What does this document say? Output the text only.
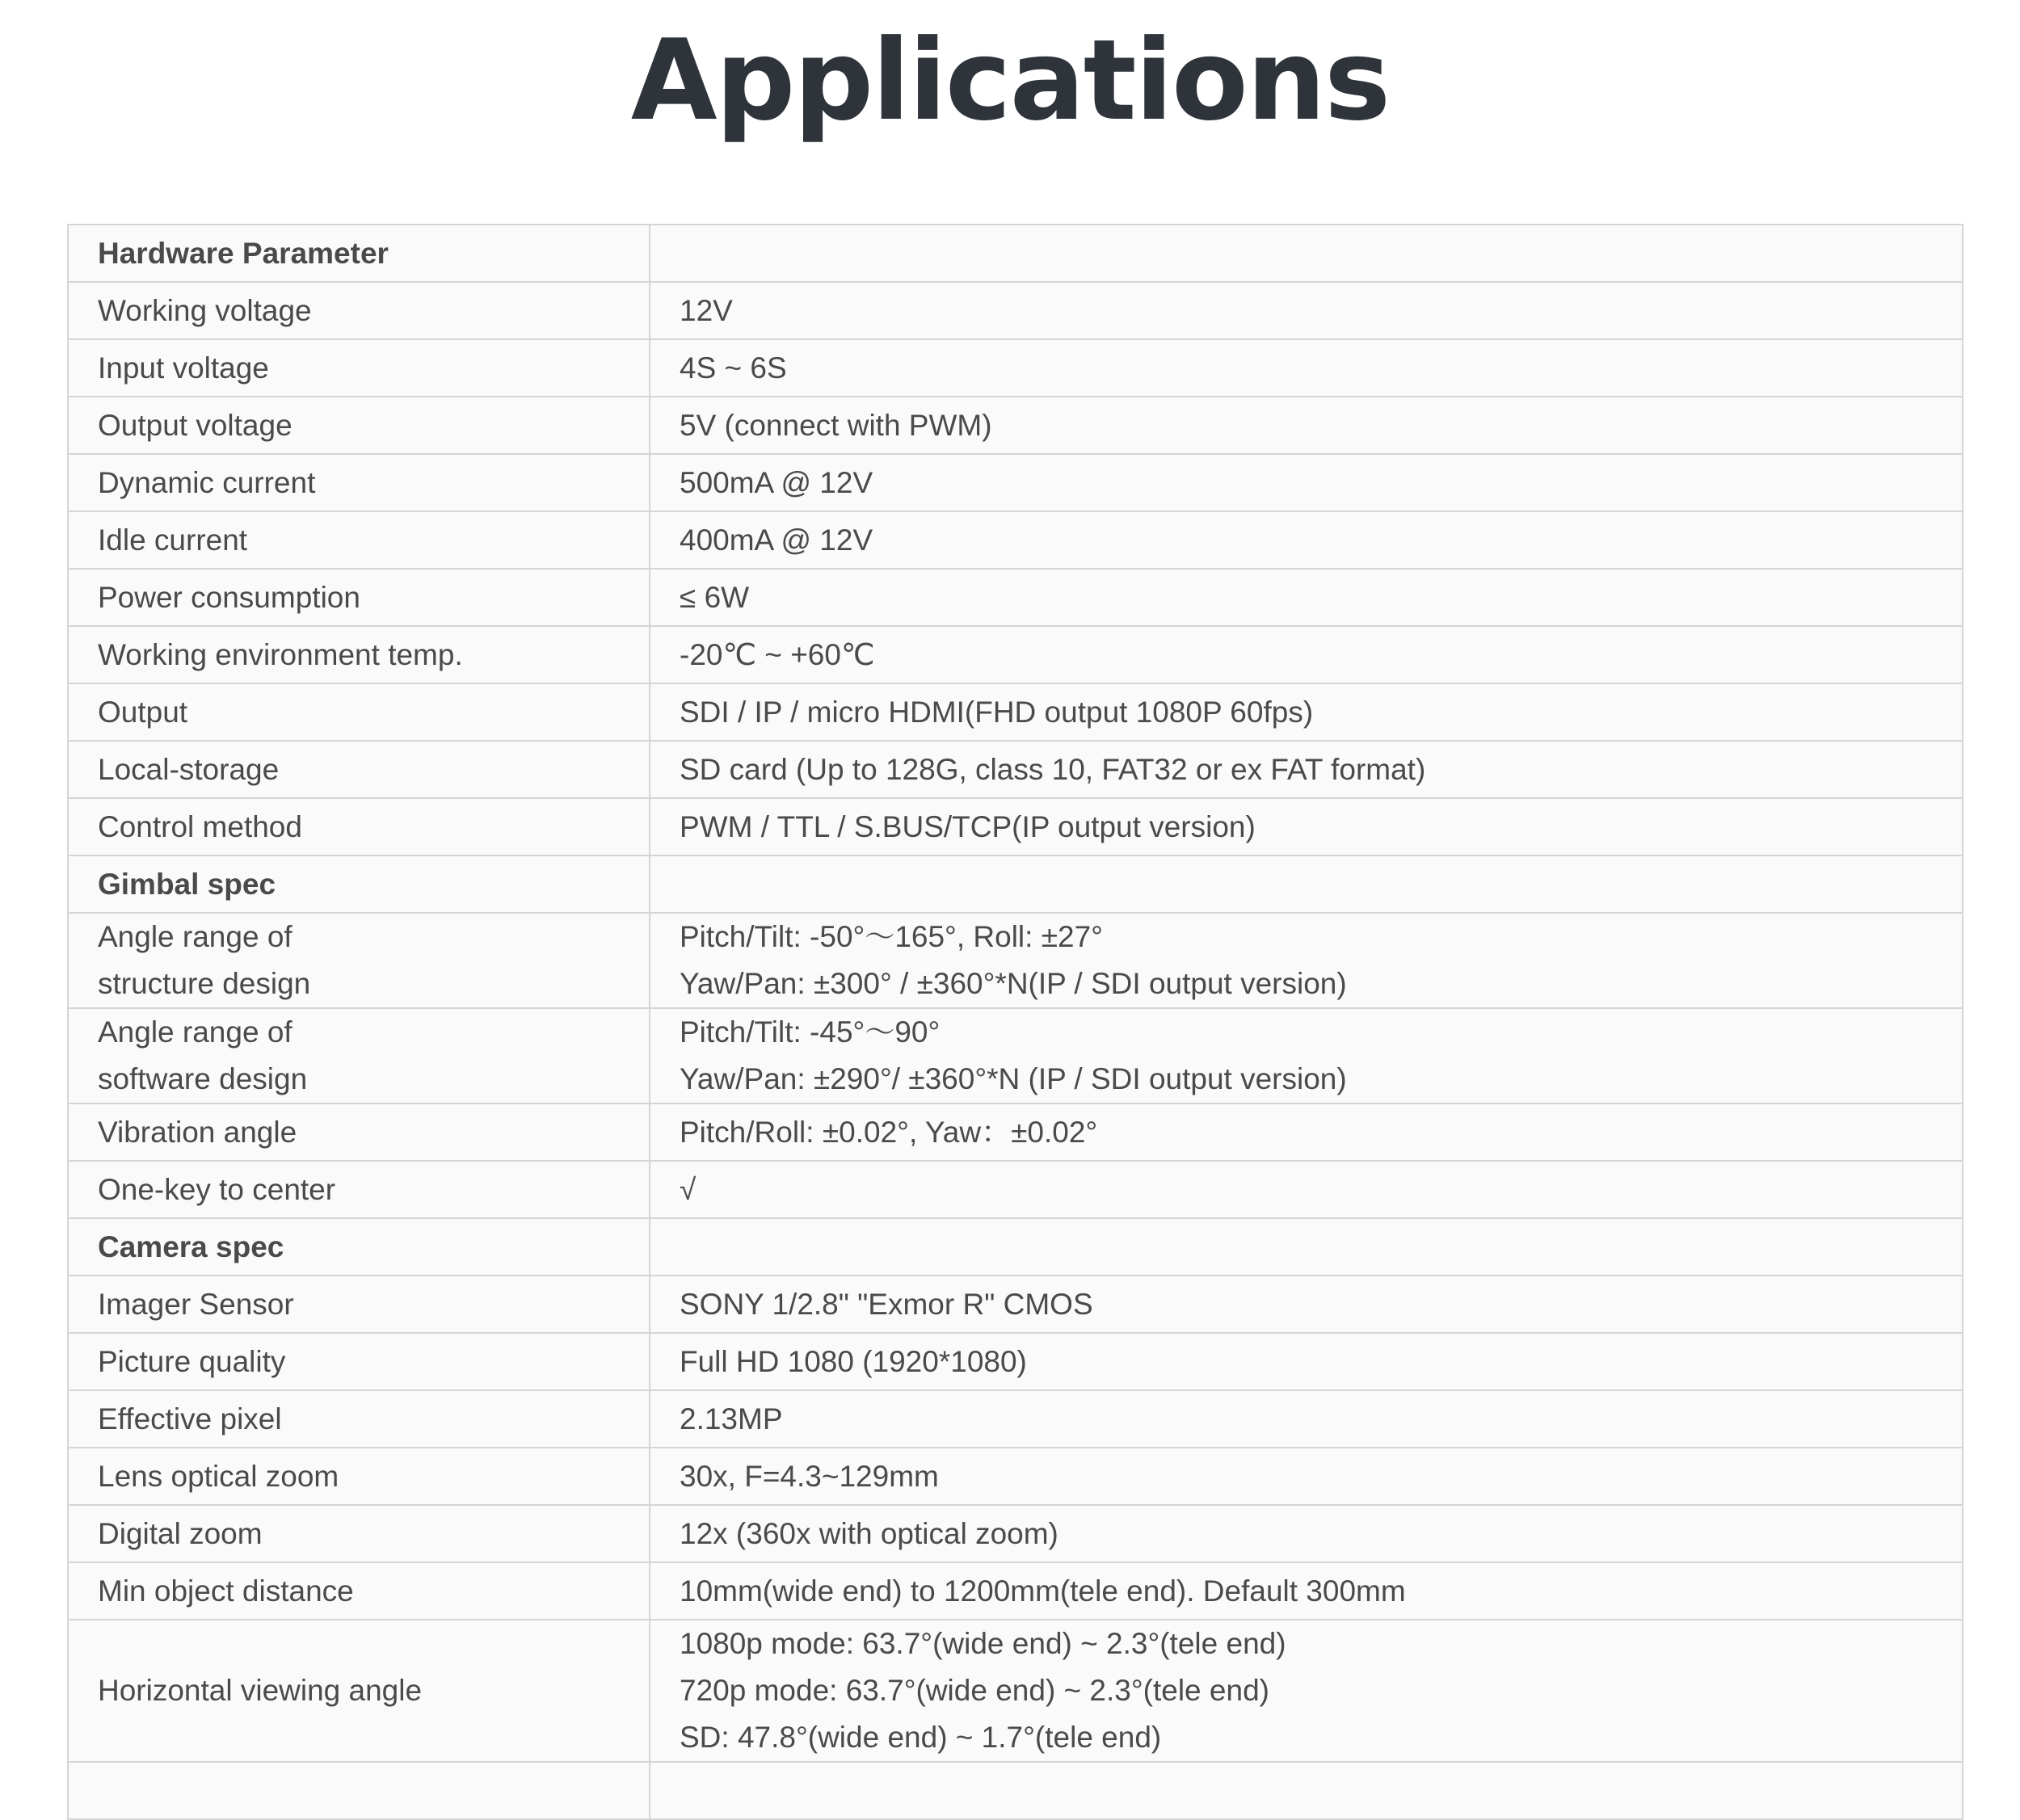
Applications
Hardware Parameter	

Working voltage	12V

Input voltage	4S ~ 6S

Output voltage	5V (connect with PWM)

Dynamic current	500mA @ 12V

Idle current	400mA @ 12V

Power consumption	≤ 6W

Working environment temp.	-20℃ ~ +60℃

Output	SDI / IP / micro HDMI(FHD output 1080P 60fps)

Local-storage	SD card (Up to 128G, class 10, FAT32 or ex FAT format)

Control method	PWM / TTL / S.BUS/TCP(IP output version)

Gimbal spec	

Angle range of
structure design	Pitch/Tilt: -50°～165°, Roll: ±27°
Yaw/Pan: ±300° / ±360°*N(IP / SDI output version)

Angle range of
software design	Pitch/Tilt: -45°～90°
Yaw/Pan: ±290°/ ±360°*N (IP / SDI output version)

Vibration angle	Pitch/Roll: ±0.02°, Yaw：±0.02°

One-key to center	√

Camera spec	

Imager Sensor	SONY 1/2.8" "Exmor R" CMOS

Picture quality	Full HD 1080 (1920*1080)

Effective pixel	2.13MP

Lens optical zoom	30x, F=4.3~129mm

Digital zoom	12x (360x with optical zoom)

Min object distance	10mm(wide end) to 1200mm(tele end). Default 300mm

Horizontal viewing angle	1080p mode: 63.7°(wide end) ~ 2.3°(tele end)
720p mode: 63.7°(wide end) ~ 2.3°(tele end)
SD: 47.8°(wide end) ~ 1.7°(tele end)
